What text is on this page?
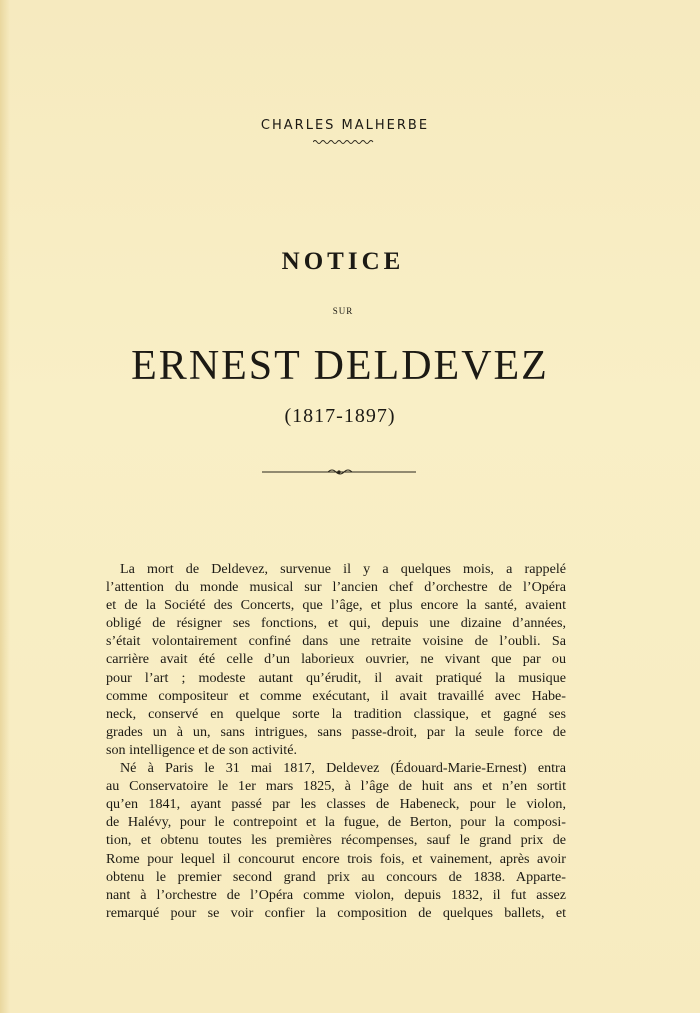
CHARLES MALHERBE
NOTICE
SUR
ERNEST DELDEVEZ
(1817-1897)
La mort de Deldevez, survenue il y a quelques mois, a rappelé
l’attention du monde musical sur l’ancien chef d’orchestre de l’Opéra
et de la Société des Concerts, que l’âge, et plus encore la santé, avaient
obligé de résigner ses fonctions, et qui, depuis une dizaine d’années,
s’était volontairement confiné dans une retraite voisine de l’oubli. Sa
carrière avait été celle d’un laborieux ouvrier, ne vivant que par ou
pour l’art ; modeste autant qu’érudit, il avait pratiqué la musique
comme compositeur et comme exécutant, il avait travaillé avec Habe-
neck, conservé en quelque sorte la tradition classique, et gagné ses
grades un à un, sans intrigues, sans passe-droit, par la seule force de
son intelligence et de son activité.
Né à Paris le 31 mai 1817, Deldevez (Édouard-Marie-Ernest) entra
au Conservatoire le 1er mars 1825, à l’âge de huit ans et n’en sortit
qu’en 1841, ayant passé par les classes de Habeneck, pour le violon,
de Halévy, pour le contrepoint et la fugue, de Berton, pour la composi-
tion, et obtenu toutes les premières récompenses, sauf le grand prix de
Rome pour lequel il concourut encore trois fois, et vainement, après avoir
obtenu le premier second grand prix au concours de 1838. Apparte-
nant à l’orchestre de l’Opéra comme violon, depuis 1832, il fut assez
remarqué pour se voir confier la composition de quelques ballets, et
